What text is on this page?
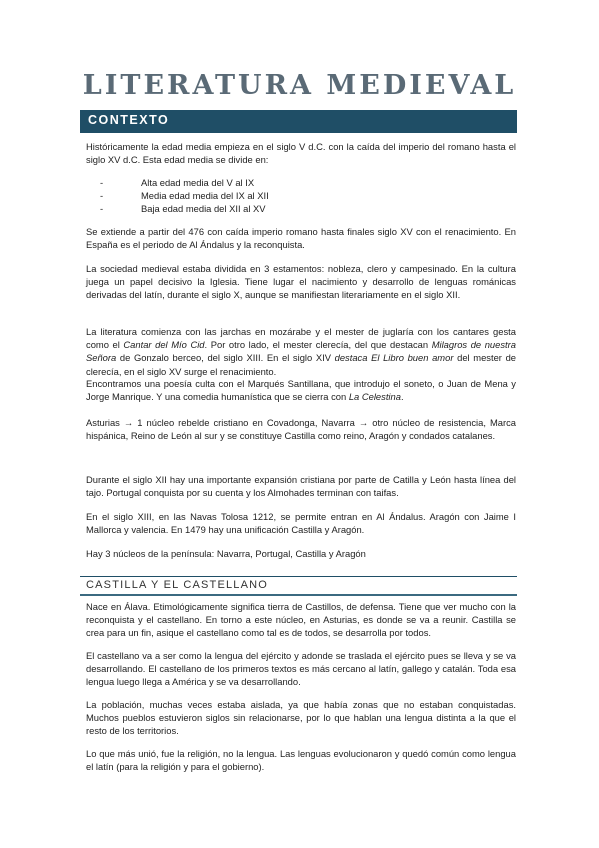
LITERATURA MEDIEVAL
CONTEXTO

Históricamente la edad media empieza en el siglo V d.C. con la caída del imperio del romano hasta el siglo XV d.C. Esta edad media se divide en:

-	Alta edad media del V al IX
-	Media edad media del IX al XII
-	Baja edad media del XII al XV

Se extiende a partir del 476 con caída imperio romano hasta finales siglo XV con el renacimiento. En España es el periodo de Al Ándalus y la reconquista.

La sociedad medieval estaba dividida en 3 estamentos: nobleza, clero y campesinado. En la cultura juega un papel decisivo la Iglesia. Tiene lugar el nacimiento y desarrollo de lenguas románicas derivadas del latín, durante el siglo X, aunque se manifiestan literariamente en el siglo XII.

La literatura comienza con las jarchas en mozárabe y el mester de juglaría con los cantares gesta como el Cantar del Mío Cid. Por otro lado, el mester clerecía, del que destacan Milagros de nuestra Señora de Gonzalo berceo, del siglo XIII. En el siglo XIV destaca El Libro buen amor del mester de clerecía, en el siglo XV surge el renacimiento.

Encontramos una poesía culta con el Marqués Santillana, que introdujo el soneto, o Juan de Mena y Jorge Manrique. Y una comedia humanística que se cierra con La Celestina.

Asturias → 1 núcleo rebelde cristiano en Covadonga, Navarra → otro núcleo de resistencia, Marca hispánica, Reino de León al sur y se constituye Castilla como reino, Aragón y condados catalanes.

Durante el siglo XII hay una importante expansión cristiana por parte de Catilla y León hasta línea del tajo. Portugal conquista por su cuenta y los Almohades terminan con taifas.

En el siglo XIII, en las Navas Tolosa 1212, se permite entran en Al Ándalus. Aragón con Jaime I Mallorca y valencia. En 1479 hay una unificación Castilla y Aragón.

Hay 3 núcleos de la península: Navarra, Portugal, Castilla y Aragón

CASTILLA Y EL CASTELLANO

Nace en Álava. Etimológicamente significa tierra de Castillos, de defensa. Tiene que ver mucho con la reconquista y el castellano. En torno a este núcleo, en Asturias, es donde se va a reunir. Castilla se crea para un fin, asique el castellano como tal es de todos, se desarrolla por todos.

El castellano va a ser como la lengua del ejército y adonde se traslada el ejército pues se lleva y se va desarrollando. El castellano de los primeros textos es más cercano al latín, gallego y catalán. Toda esa lengua luego llega a América y se va desarrollando.

La población, muchas veces estaba aislada, ya que había zonas que no estaban conquistadas. Muchos pueblos estuvieron siglos sin relacionarse, por lo que hablan una lengua distinta a la que el resto de los territorios.

Lo que más unió, fue la religión, no la lengua. Las lenguas evolucionaron y quedó común como lengua el latín (para la religión y para el gobierno).
